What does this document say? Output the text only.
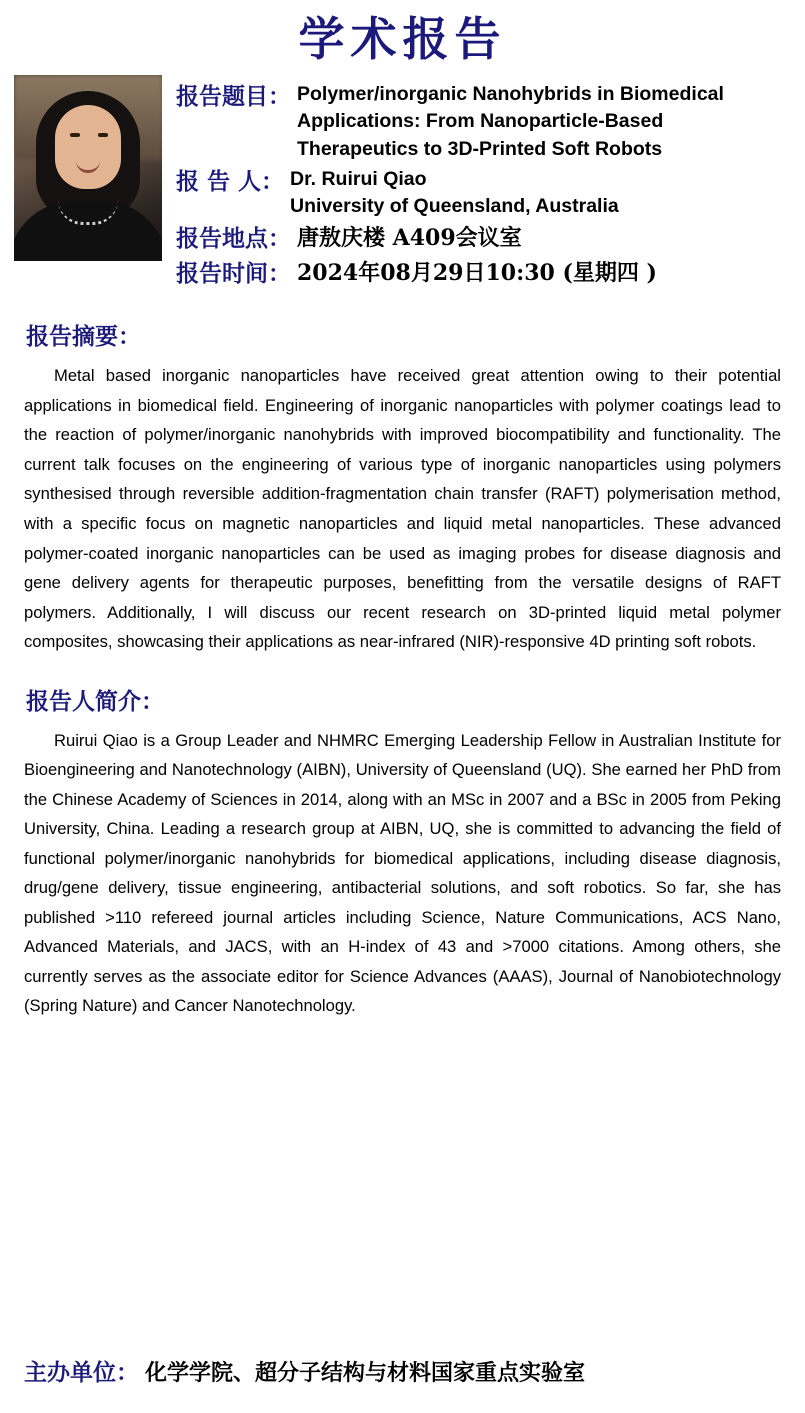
学术报告
报告题目： Polymer/inorganic Nanohybrids in Biomedical
Applications: From Nanoparticle-Based
Therapeutics to 3D-Printed Soft Robots
报 告 人： Dr. Ruirui Qiao
University of Queensland, Australia
报告地点： 唐敖庆楼 A409会议室
报告时间： 2024年08月29日10:30 (星期四 )
报告摘要：

Metal based inorganic nanoparticles have received great attention owing to their potential applications in biomedical field. Engineering of inorganic nanoparticles with polymer coatings lead to the reaction of polymer/inorganic nanohybrids with improved biocompatibility and functionality. The current talk focuses on the engineering of various type of inorganic nanoparticles using polymers synthesised through reversible addition-fragmentation chain transfer (RAFT) polymerisation method, with a specific focus on magnetic nanoparticles and liquid metal nanoparticles. These advanced polymer-coated inorganic nanoparticles can be used as imaging probes for disease diagnosis and gene delivery agents for therapeutic purposes, benefitting from the versatile designs of RAFT polymers. Additionally, I will discuss our recent research on 3D-printed liquid metal polymer composites, showcasing their applications as near-infrared (NIR)-responsive 4D printing soft robots.

报告人简介：

Ruirui Qiao is a Group Leader and NHMRC Emerging Leadership Fellow in Australian Institute for Bioengineering and Nanotechnology (AIBN), University of Queensland (UQ). She earned her PhD from the Chinese Academy of Sciences in 2014, along with an MSc in 2007 and a BSc in 2005 from Peking University, China. Leading a research group at AIBN, UQ, she is committed to advancing the field of functional polymer/inorganic nanohybrids for biomedical applications, including disease diagnosis, drug/gene delivery, tissue engineering, antibacterial solutions, and soft robotics. So far, she has published >110 refereed journal articles including Science, Nature Communications, ACS Nano, Advanced Materials, and JACS, with an H-index of 43 and >7000 citations. Among others, she currently serves as the associate editor for Science Advances (AAAS), Journal of Nanobiotechnology (Spring Nature) and Cancer Nanotechnology.

主办单位： 化学学院、超分子结构与材料国家重点实验室
